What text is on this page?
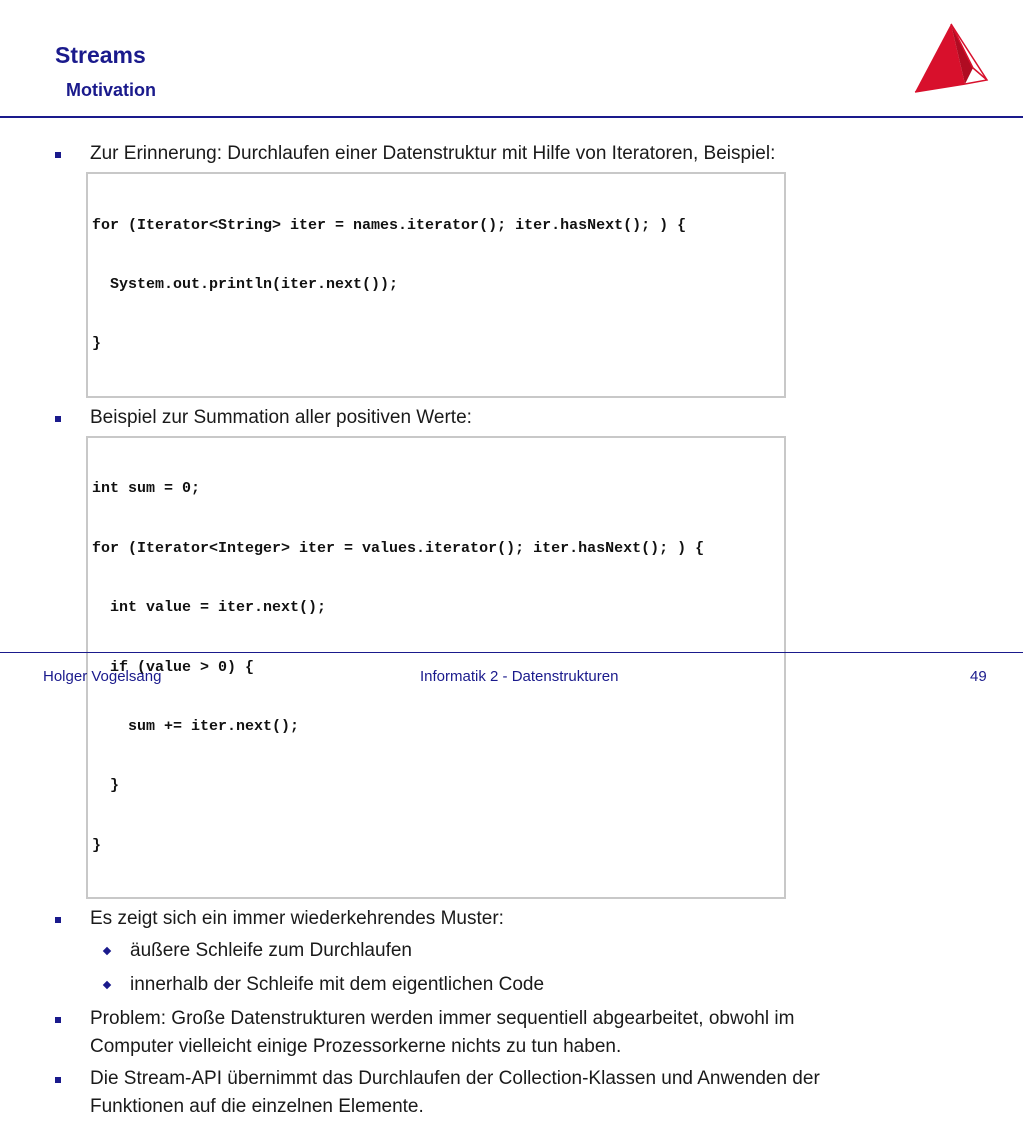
Streams
Motivation
Zur Erinnerung: Durchlaufen einer Datenstruktur mit Hilfe von Iteratoren, Beispiel:

for (Iterator<String> iter = names.iterator(); iter.hasNext(); ) {

System.out.println(iter.next());

}

Beispiel zur Summation aller positiven Werte:

int sum = 0;

for (Iterator<Integer> iter = values.iterator(); iter.hasNext(); ) {

int value = iter.next();

if (value > 0) {

sum += iter.next();

}

}

Es zeigt sich ein immer wiederkehrendes Muster:
äußere Schleife zum Durchlaufen
innerhalb der Schleife mit dem eigentlichen Code
Problem: Große Datenstrukturen werden immer sequentiell abgearbeitet, obwohl im
Computer vielleicht einige Prozessorkerne nichts zu tun haben.
Die Stream-API übernimmt das Durchlaufen der Collection-Klassen und Anwenden der
Funktionen auf die einzelnen Elemente.
Holger Vogelsang	Informatik 2 - Datenstrukturen	49
